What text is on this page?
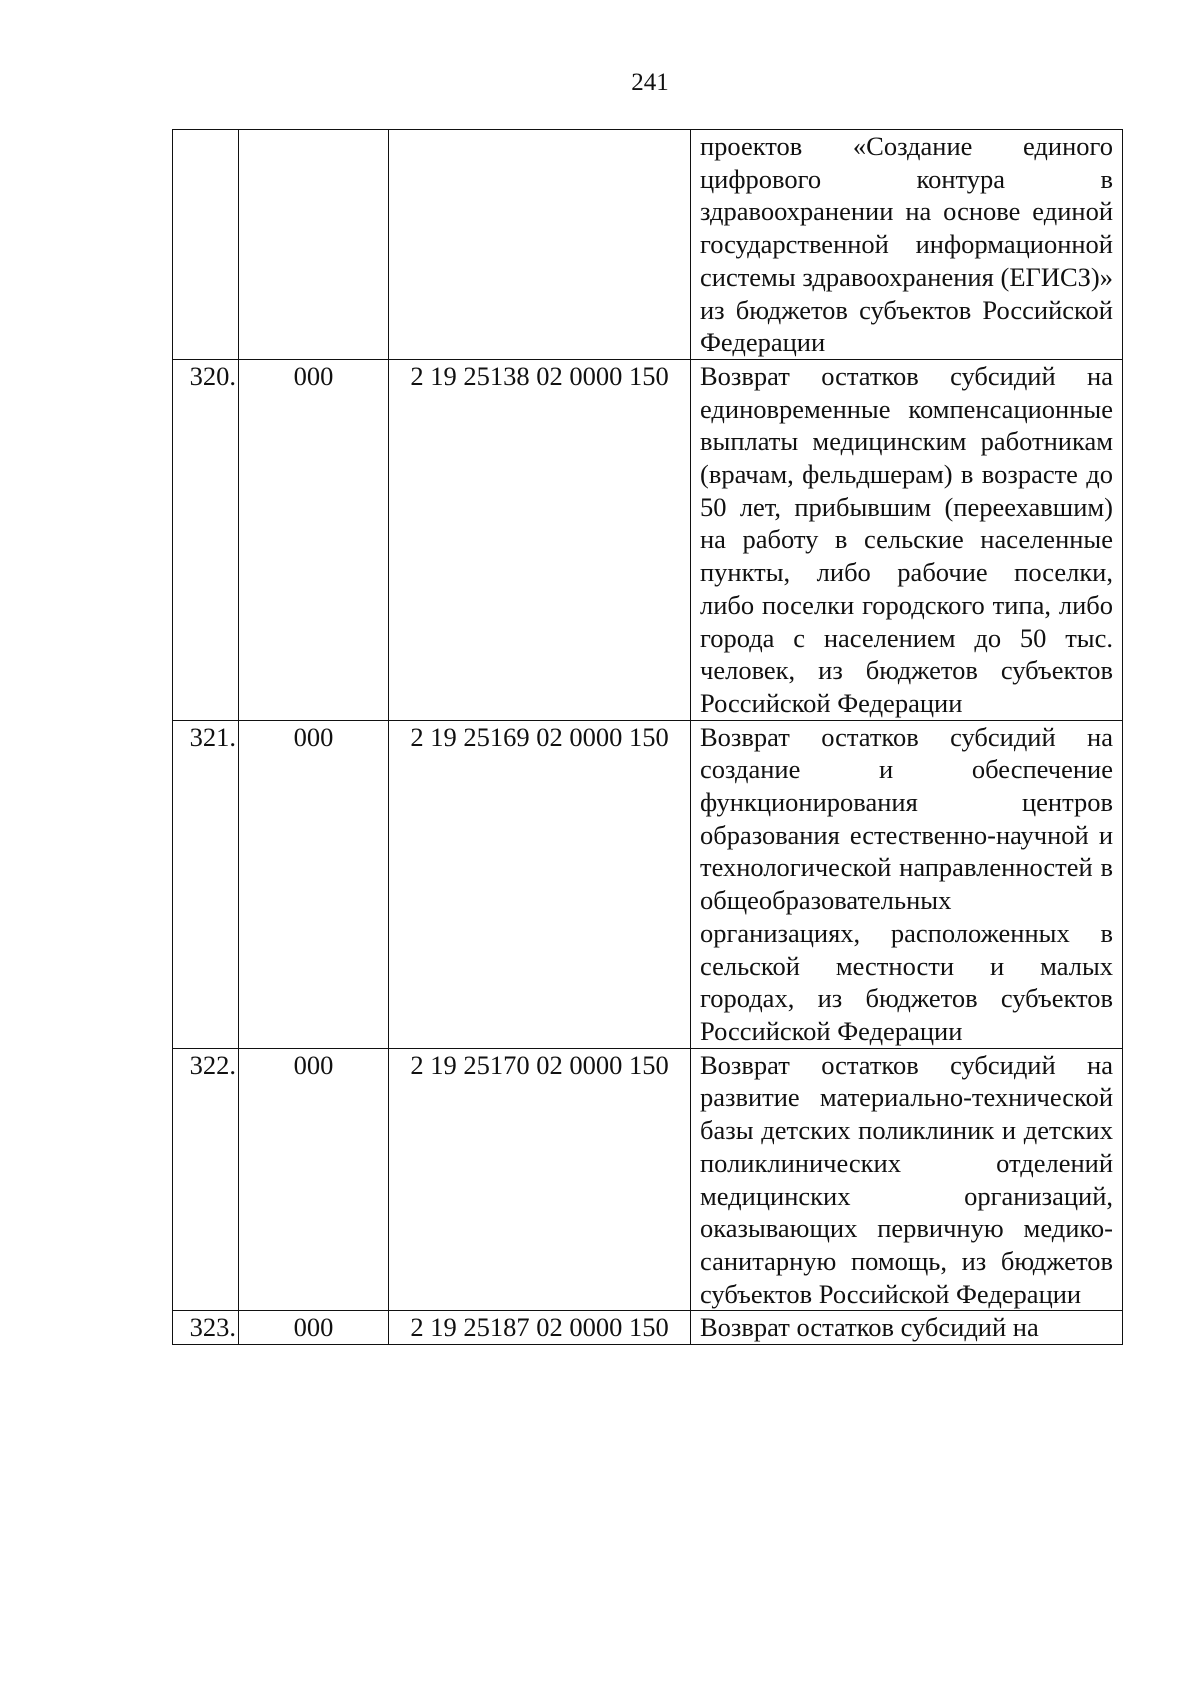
241
			проектов «Создание единого цифрового контура в здравоохранении на основе единой государственной информационной системы здравоохранения (ЕГИСЗ)» из бюджетов субъектов Российской Федерации
320.	000	2 19 25138 02 0000 150	Возврат остатков субсидий на единовременные компенсационные выплаты медицинским работникам (врачам, фельдшерам) в возрасте до 50 лет, прибывшим (переехавшим) на работу в сельские населенные пункты, либо рабочие поселки, либо поселки городского типа, либо города с населением до 50 тыс. человек, из бюджетов субъектов Российской Федерации
321.	000	2 19 25169 02 0000 150	Возврат остатков субсидий на создание и обеспечение функционирования центров образования естественно-научной и технологической направленностей в общеобразовательных организациях, расположенных в сельской местности и малых городах, из бюджетов субъектов Российской Федерации
322.	000	2 19 25170 02 0000 150	Возврат остатков субсидий на развитие материально-технической базы детских поликлиник и детских поликлинических отделений медицинских организаций, оказывающих первичную медико-санитарную помощь, из бюджетов субъектов Российской Федерации
323.	000	2 19 25187 02 0000 150	Возврат остатков субсидий на
